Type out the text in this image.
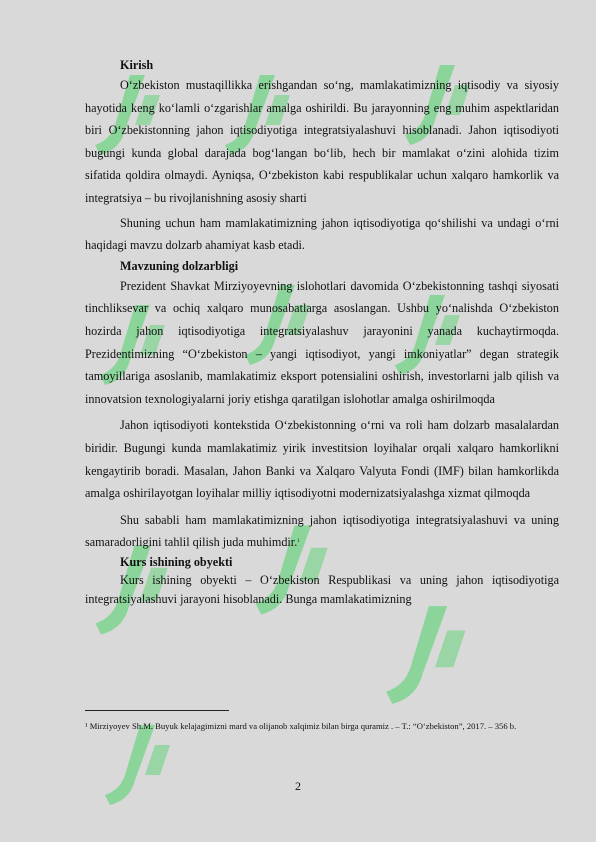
Kirish

O‘zbekiston mustaqillikka erishgandan so‘ng, mamlakatimizning iqtisodiy va siyosiy hayotida keng ko‘lamli o‘zgarishlar amalga oshirildi. Bu jarayonning eng muhim aspektlaridan biri O‘zbekistonning jahon iqtisodiyotiga integratsiyalashuvi hisoblanadi. Jahon iqtisodiyoti bugungi kunda global darajada bog‘langan bo‘lib, hech bir mamlakat o‘zini alohida tizim sifatida qoldira olmaydi. Ayniqsa, O‘zbekiston kabi respublikalar uchun xalqaro hamkorlik va integratsiya – bu rivojlanishning asosiy sharti

Shuning uchun ham mamlakatimizning jahon iqtisodiyotiga qo‘shilishi va undagi o‘rni haqidagi mavzu dolzarb ahamiyat kasb etadi.

Mavzuning dolzarbligi

Prezident Shavkat Mirziyoyevning islohotlari davomida O‘zbekistonning tashqi siyosati tinchliksevar va ochiq xalqaro munosabatlarga asoslangan. Ushbu yo‘nalishda O‘zbekiston hozirda jahon iqtisodiyotiga integratsiyalashuv jarayonini yanada kuchaytirmoqda. Prezidentimizning “O‘zbekiston – yangi iqtisodiyot, yangi imkoniyatlar” degan strategik tamoyillariga asoslanib, mamlakatimiz eksport potensialini oshirish, investorlarni jalb qilish va innovatsion texnologiyalarni joriy etishga qaratilgan islohotlar amalga oshirilmoqda

Jahon iqtisodiyoti kontekstida O‘zbekistonning o‘rni va roli ham dolzarb masalalardan biridir. Bugungi kunda mamlakatimiz yirik investitsion loyihalar orqali xalqaro hamkorlikni kengaytirib boradi. Masalan, Jahon Banki va Xalqaro Valyuta Fondi (IMF) bilan hamkorlikda amalga oshirilayotgan loyihalar milliy iqtisodiyotni modernizatsiyalashga xizmat qilmoqda

Shu sababli ham mamlakatimizning jahon iqtisodiyotiga integratsiyalashuvi va uning samaradorligini tahlil qilish juda muhimdir.$^1$

Kurs ishining obyekti

Kurs ishining obyekti – O‘zbekiston Respublikasi va uning jahon iqtisodiyotiga integratsiyalashuvi jarayoni hisoblanadi. Bunga mamlakatimizning

¹ Mirziyoyev Sh.M. Buyuk kelajagimizni mard va olijanob xalqimiz bilan birga quramiz . – T.: “O‘zbekiston”, 2017. – 356 b.
2
